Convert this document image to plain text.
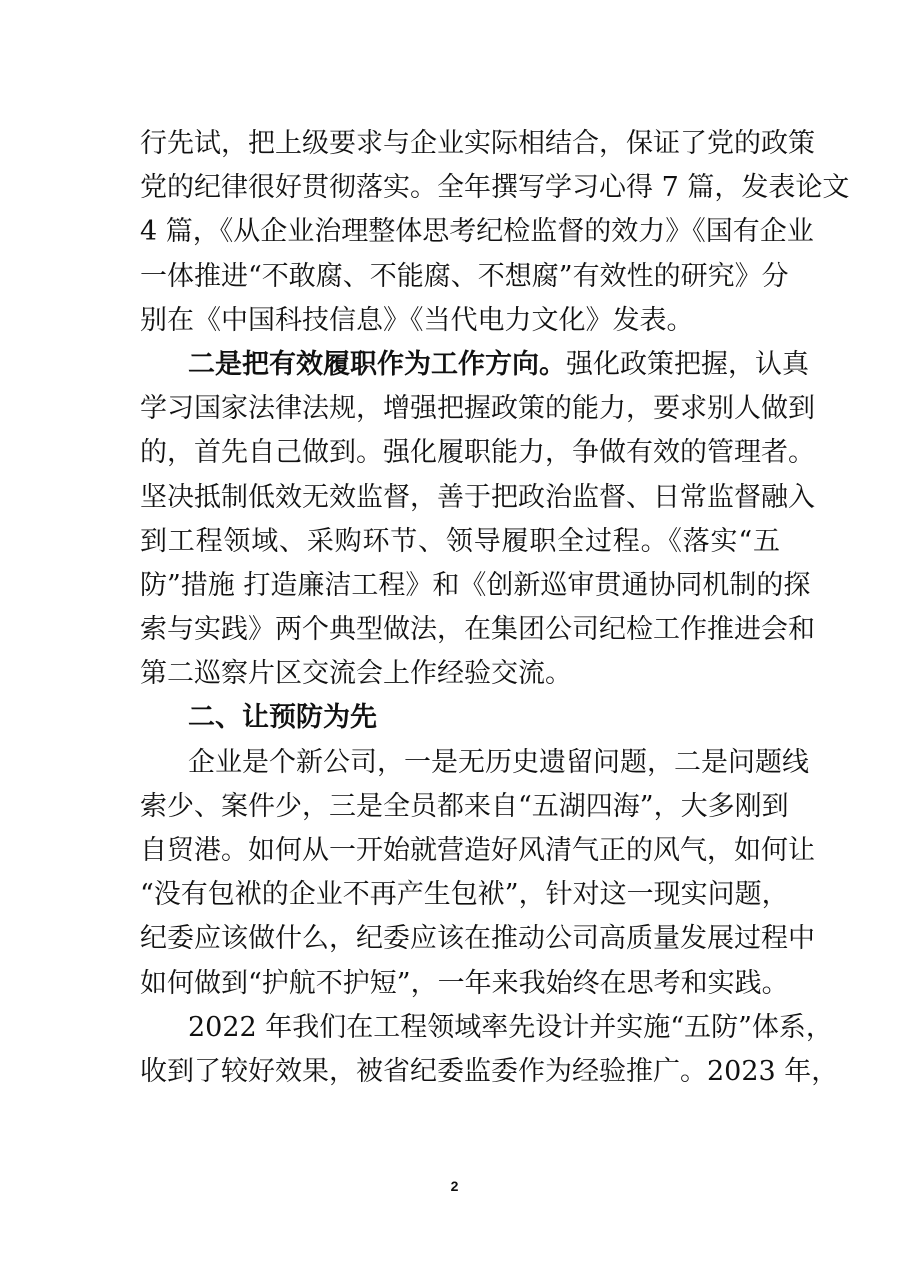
行先试，把上级要求与企业实际相结合，保证了党的政策
党的纪律很好贯彻落实。全年撰写学习心得 7 篇，发表论文
4 篇，《从企业治理整体思考纪检监督的效力》《国有企业
一体推进“不敢腐、不能腐、不想腐”有效性的研究》分
别在《中国科技信息》《当代电力文化》发表。
二是把有效履职作为工作方向。强化政策把握，认真
学习国家法律法规，增强把握政策的能力，要求别人做到
的，首先自己做到。强化履职能力，争做有效的管理者。
坚决抵制低效无效监督，善于把政治监督、日常监督融入
到工程领域、采购环节、领导履职全过程。《落实“五
防”措施 打造廉洁工程》和《创新巡审贯通协同机制的探
索与实践》两个典型做法，在集团公司纪检工作推进会和
第二巡察片区交流会上作经验交流。
二、让预防为先
企业是个新公司，一是无历史遗留问题，二是问题线
索少、案件少，三是全员都来自“五湖四海”，大多刚到
自贸港。如何从一开始就营造好风清气正的风气，如何让
“没有包袱的企业不再产生包袱”，针对这一现实问题，
纪委应该做什么，纪委应该在推动公司高质量发展过程中
如何做到“护航不护短”，一年来我始终在思考和实践。
2022 年我们在工程领域率先设计并实施“五防”体系，
收到了较好效果，被省纪委监委作为经验推广。2023 年，
2
